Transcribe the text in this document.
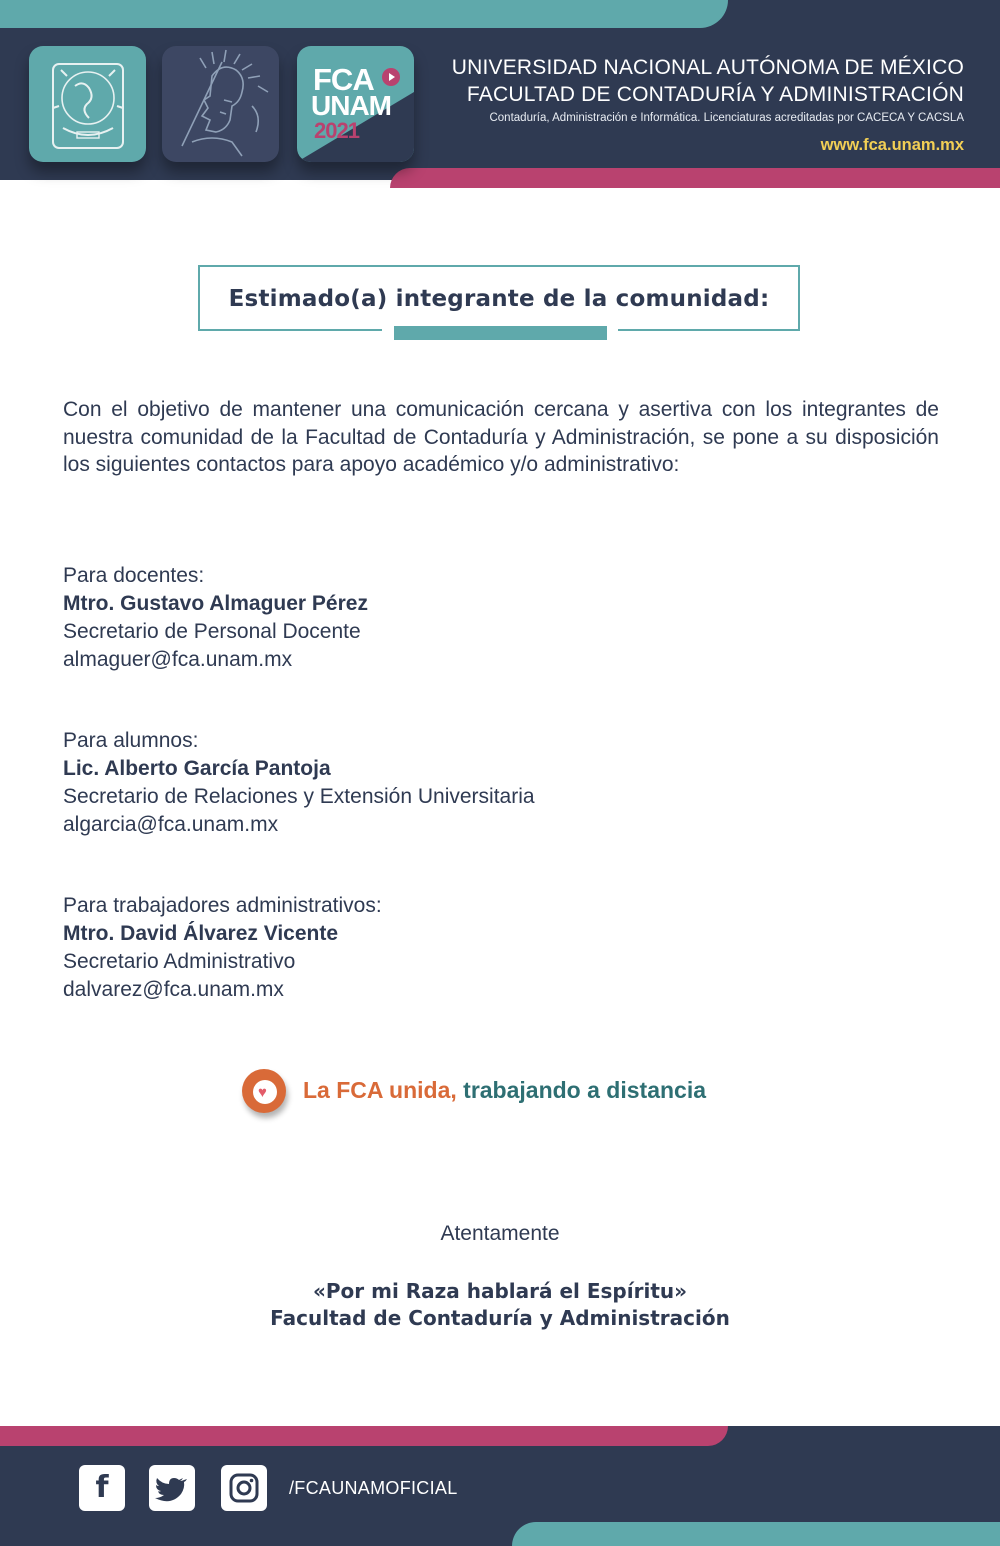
FCA
UNAM
2021
UNIVERSIDAD NACIONAL AUTÓNOMA DE MÉXICO
FACULTAD DE CONTADURÍA Y ADMINISTRACIÓN
Contaduría, Administración e Informática. Licenciaturas acreditadas por CACECA Y CACSLA
www.fca.unam.mx
Estimado(a) integrante de la comunidad:
Con el objetivo de mantener una comunicación cercana y asertiva con los integrantes de nuestra comunidad de la Facultad de Contaduría y Administración, se pone a su disposición los siguientes contactos para apoyo académico y/o administrativo:
Para docentes:
Mtro. Gustavo Almaguer Pérez
Secretario de Personal Docente
almaguer@fca.unam.mx
Para alumnos:
Lic. Alberto García Pantoja
Secretario de Relaciones y Extensión Universitaria
algarcia@fca.unam.mx
Para trabajadores administrativos:
Mtro. David Álvarez Vicente
Secretario Administrativo
dalvarez@fca.unam.mx
♥ La FCA unida, trabajando a distancia
Atentamente
«Por mi Raza hablará el Espíritu»
Facultad de Contaduría y Administración
f	/FCAUNAMOFICIAL
